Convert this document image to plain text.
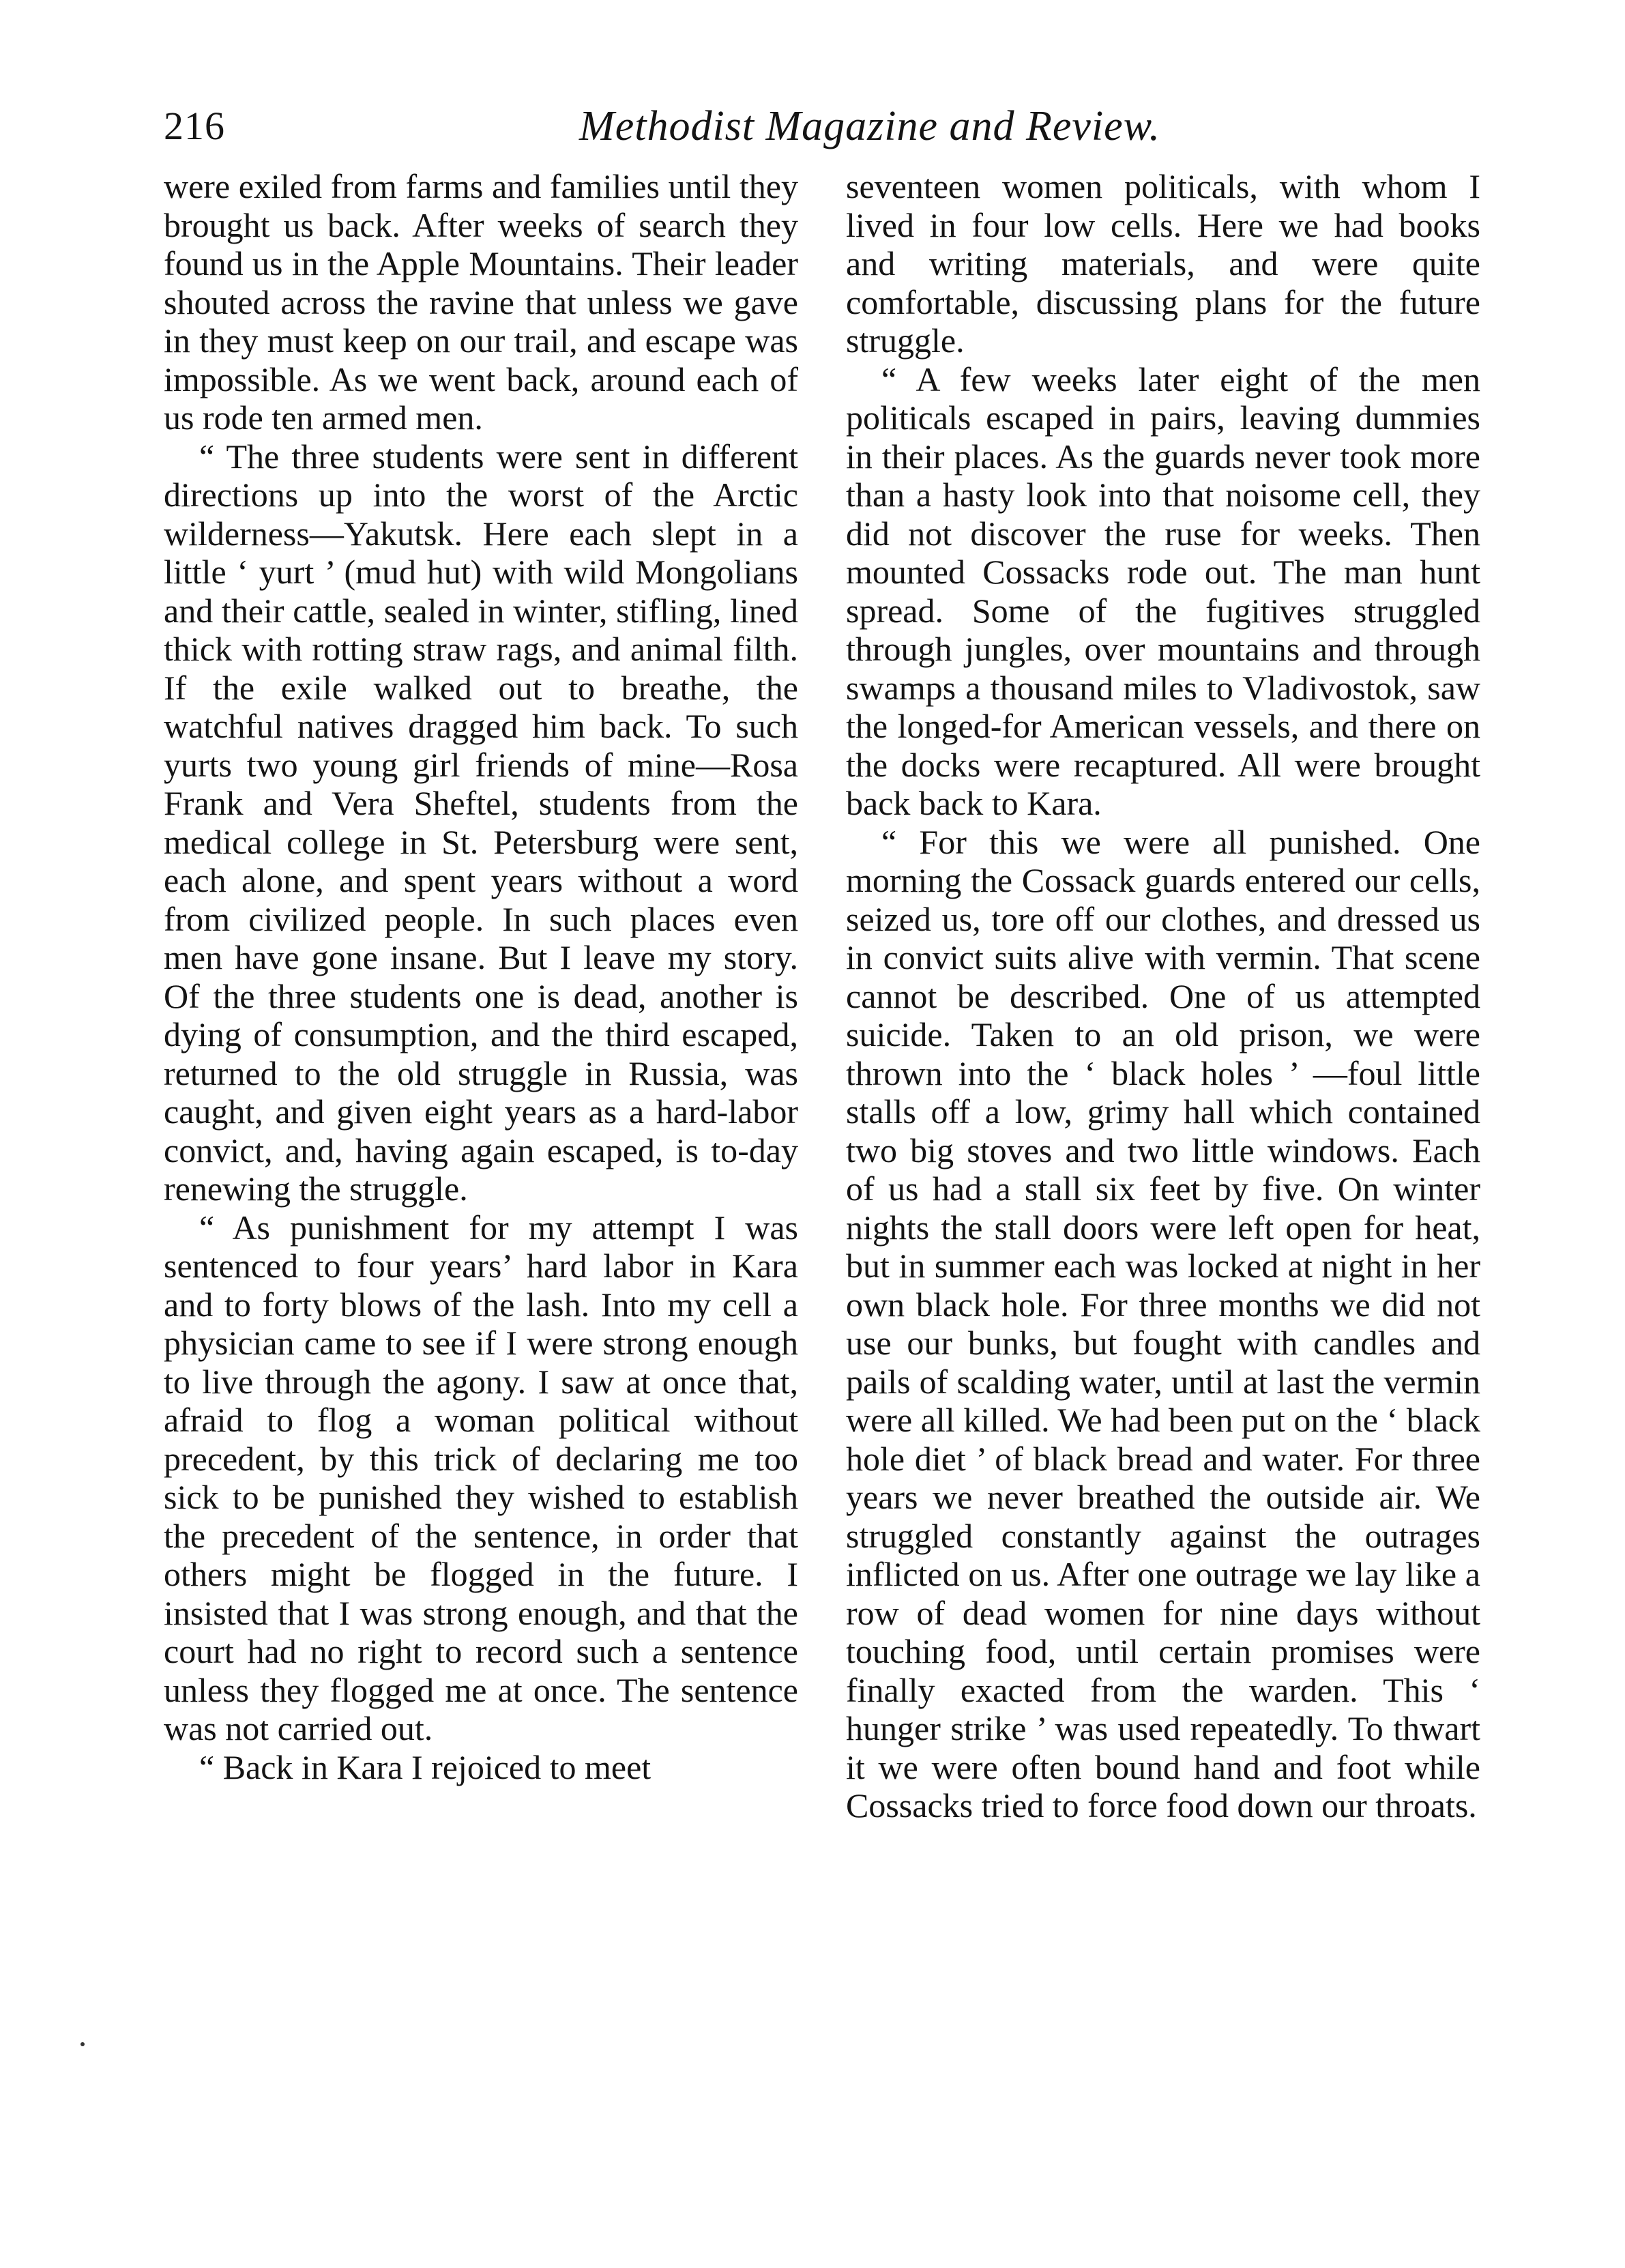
216	Methodist Magazine and Review.

were exiled from farms and families until they brought us back. After weeks of search they found us in the Apple Mountains. Their leader shouted across the ravine that unless we gave in they must keep on our trail, and escape was impossible. As we went back, around each of us rode ten armed men.

“ The three students were sent in different directions up into the worst of the Arctic wilderness—Yakutsk. Here each slept in a little ‘ yurt ’ (mud hut) with wild Mongolians and their cattle, sealed in winter, stifling, lined thick with rotting straw rags, and animal filth. If the exile walked out to breathe, the watchful natives dragged him back. To such yurts two young girl friends of mine—Rosa Frank and Vera Sheftel, students from the medical college in St. Petersburg were sent, each alone, and spent years without a word from civilized people. In such places even men have gone insane. But I leave my story. Of the three students one is dead, another is dying of consumption, and the third escaped, returned to the old struggle in Russia, was caught, and given eight years as a hard-labor convict, and, having again escaped, is to-day renewing the struggle.

“ As punishment for my attempt I was sentenced to four years’ hard labor in Kara and to forty blows of the lash. Into my cell a physician came to see if I were strong enough to live through the agony. I saw at once that, afraid to flog a woman political without precedent, by this trick of declaring me too sick to be punished they wished to establish the precedent of the sentence, in order that others might be flogged in the future. I insisted that I was strong enough, and that the court had no right to record such a sentence unless they flogged me at once. The sentence was not carried out.

“ Back in Kara I rejoiced to meet

seventeen women politicals, with whom I lived in four low cells. Here we had books and writing materials, and were quite comfortable, discussing plans for the future struggle.

“ A few weeks later eight of the men politicals escaped in pairs, leaving dummies in their places. As the guards never took more than a hasty look into that noisome cell, they did not discover the ruse for weeks. Then mounted Cossacks rode out. The man hunt spread. Some of the fugitives struggled through jungles, over mountains and through swamps a thousand miles to Vladivostok, saw the longed-for American vessels, and there on the docks were recaptured. All were brought back back to Kara.

“ For this we were all punished. One morning the Cossack guards entered our cells, seized us, tore off our clothes, and dressed us in convict suits alive with vermin. That scene cannot be described. One of us attempted suicide. Taken to an old prison, we were thrown into the ‘ black holes ’ —foul little stalls off a low, grimy hall which contained two big stoves and two little windows. Each of us had a stall six feet by five. On winter nights the stall doors were left open for heat, but in summer each was locked at night in her own black hole. For three months we did not use our bunks, but fought with candles and pails of scalding water, until at last the vermin were all killed. We had been put on the ‘ black hole diet ’ of black bread and water. For three years we never breathed the outside air. We struggled constantly against the outrages inflicted on us. After one outrage we lay like a row of dead women for nine days without touching food, until certain promises were finally exacted from the warden. This ‘ hunger strike ’ was used repeatedly. To thwart it we were often bound hand and foot while Cossacks tried to force food down our throats.
